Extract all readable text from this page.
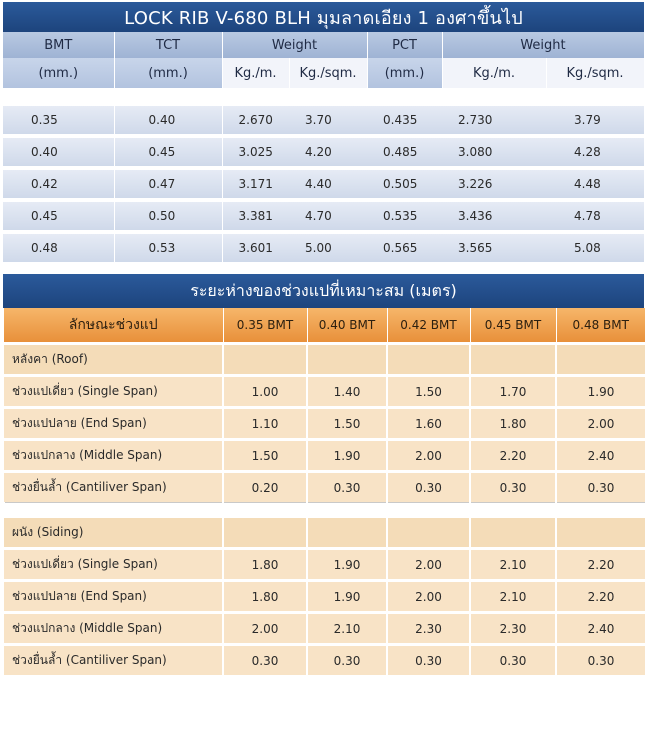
LOCK RIB V-680 BLH มุมลาดเอียง 1 องศาขึ้นไป						
BMT	TCT	Weight		PCT	Weight	
(mm.)	(mm.)	Kg./m.	Kg./sqm.	(mm.)	Kg./m.	Kg./sqm.

0.35	0.40	2.670	3.70	0.435	2.730	3.79
0.40	0.45	3.025	4.20	0.485	3.080	4.28
0.42	0.47	3.171	4.40	0.505	3.226	4.48
0.45	0.50	3.381	4.70	0.535	3.436	4.78
0.48	0.53	3.601	5.00	0.565	3.565	5.08

ระยะห่างของช่วงแปที่เหมาะสม (เมตร)
ลักษณะช่วงแป	0.35 BMT	0.40 BMT	0.42 BMT	0.45 BMT	0.48 BMT
หลังคา (Roof)					
ช่วงแปเดี่ยว (Single Span)	1.00	1.40	1.50	1.70	1.90
ช่วงแปปลาย (End Span)	1.10	1.50	1.60	1.80	2.00
ช่วงแปกลาง (Middle Span)	1.50	1.90	2.00	2.20	2.40
ช่วงยื่นล้ำ (Cantiliver Span)	0.20	0.30	0.30	0.30	0.30

ผนัง (Siding)					
ช่วงแปเดี่ยว (Single Span)	1.80	1.90	2.00	2.10	2.20
ช่วงแปปลาย (End Span)	1.80	1.90	2.00	2.10	2.20
ช่วงแปกลาง (Middle Span)	2.00	2.10	2.30	2.30	2.40
ช่วงยื่นล้ำ (Cantiliver Span)	0.30	0.30	0.30	0.30	0.30
